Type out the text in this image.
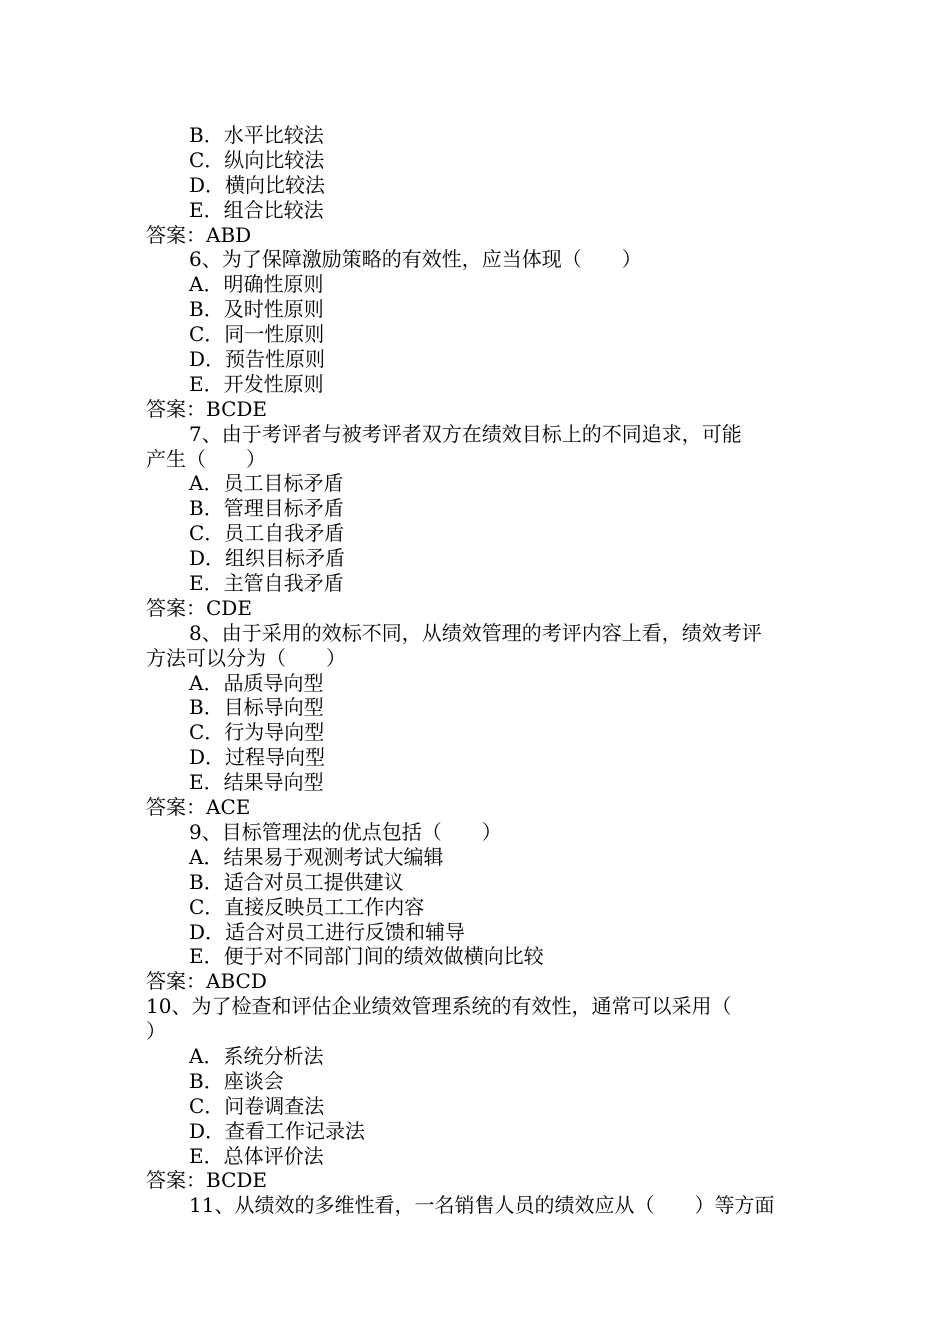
B．水平比较法
C．纵向比较法
D．横向比较法
E．组合比较法
答案：ABD
6、为了保障激励策略的有效性，应当体现（　　）
A．明确性原则
B．及时性原则
C．同一性原则
D．预告性原则
E．开发性原则
答案：BCDE
7、由于考评者与被考评者双方在绩效目标上的不同追求，可能
产生（　　）
A．员工目标矛盾
B．管理目标矛盾
C．员工自我矛盾
D．组织目标矛盾
E．主管自我矛盾
答案：CDE
8、由于采用的效标不同，从绩效管理的考评内容上看，绩效考评
方法可以分为（　　）
A．品质导向型
B．目标导向型
C．行为导向型
D．过程导向型
E．结果导向型
答案：ACE
9、目标管理法的优点包括（　　）
A．结果易于观测考试大编辑
B．适合对员工提供建议
C．直接反映员工工作内容
D．适合对员工进行反馈和辅导
E．便于对不同部门间的绩效做横向比较
答案：ABCD
10、为了检查和评估企业绩效管理系统的有效性，通常可以采用（
）
A．系统分析法
B．座谈会
C．问卷调查法
D．查看工作记录法
E．总体评价法
答案：BCDE
11、从绩效的多维性看，一名销售人员的绩效应从（　　）等方面
